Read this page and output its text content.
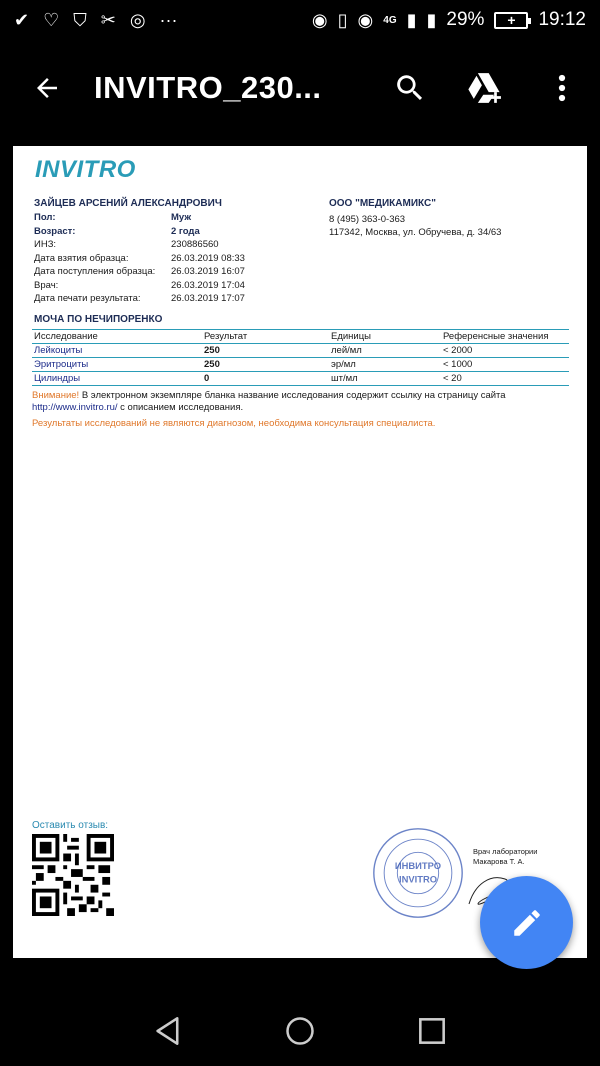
✔ ♡ ⛉ ✂ ◎ ···	◉ ▯ ◉ 4G ▮ ▮ 29% + 19:12
INVITRO_230...
INVITRO
ЗАЙЦЕВ АРСЕНИЙ АЛЕКСАНДРОВИЧ
Пол:	Муж
Возраст:	2 года
ИНЗ:	230886560
Дата взятия образца:	26.03.2019 08:33
Дата поступления образца:	26.03.2019 16:07
Врач:	26.03.2019 17:04
Дата печати результата:	26.03.2019 17:07
ООО "МЕДИКАМИКС"
8 (495) 363-0-363
117342, Москва, ул. Обручева, д. 34/63
МОЧА ПО НЕЧИПОРЕНКО
Исследование	Результат	Единицы	Референсные значения
Лейкоциты	250	лей/мл	< 2000
Эритроциты	250	эр/мл	< 1000
Цилиндры	0	шт/мл	< 20
Внимание! В электронном экземпляре бланка название исследования содержит ссылку на страницу сайта
http://www.invitro.ru/ с описанием исследования.
Результаты исследований не являются диагнозом, необходима консультация специалиста.
Оставить отзыв:
ИНВИТРО
INVITRO
Врач лаборатории
Макарова Т. А.
